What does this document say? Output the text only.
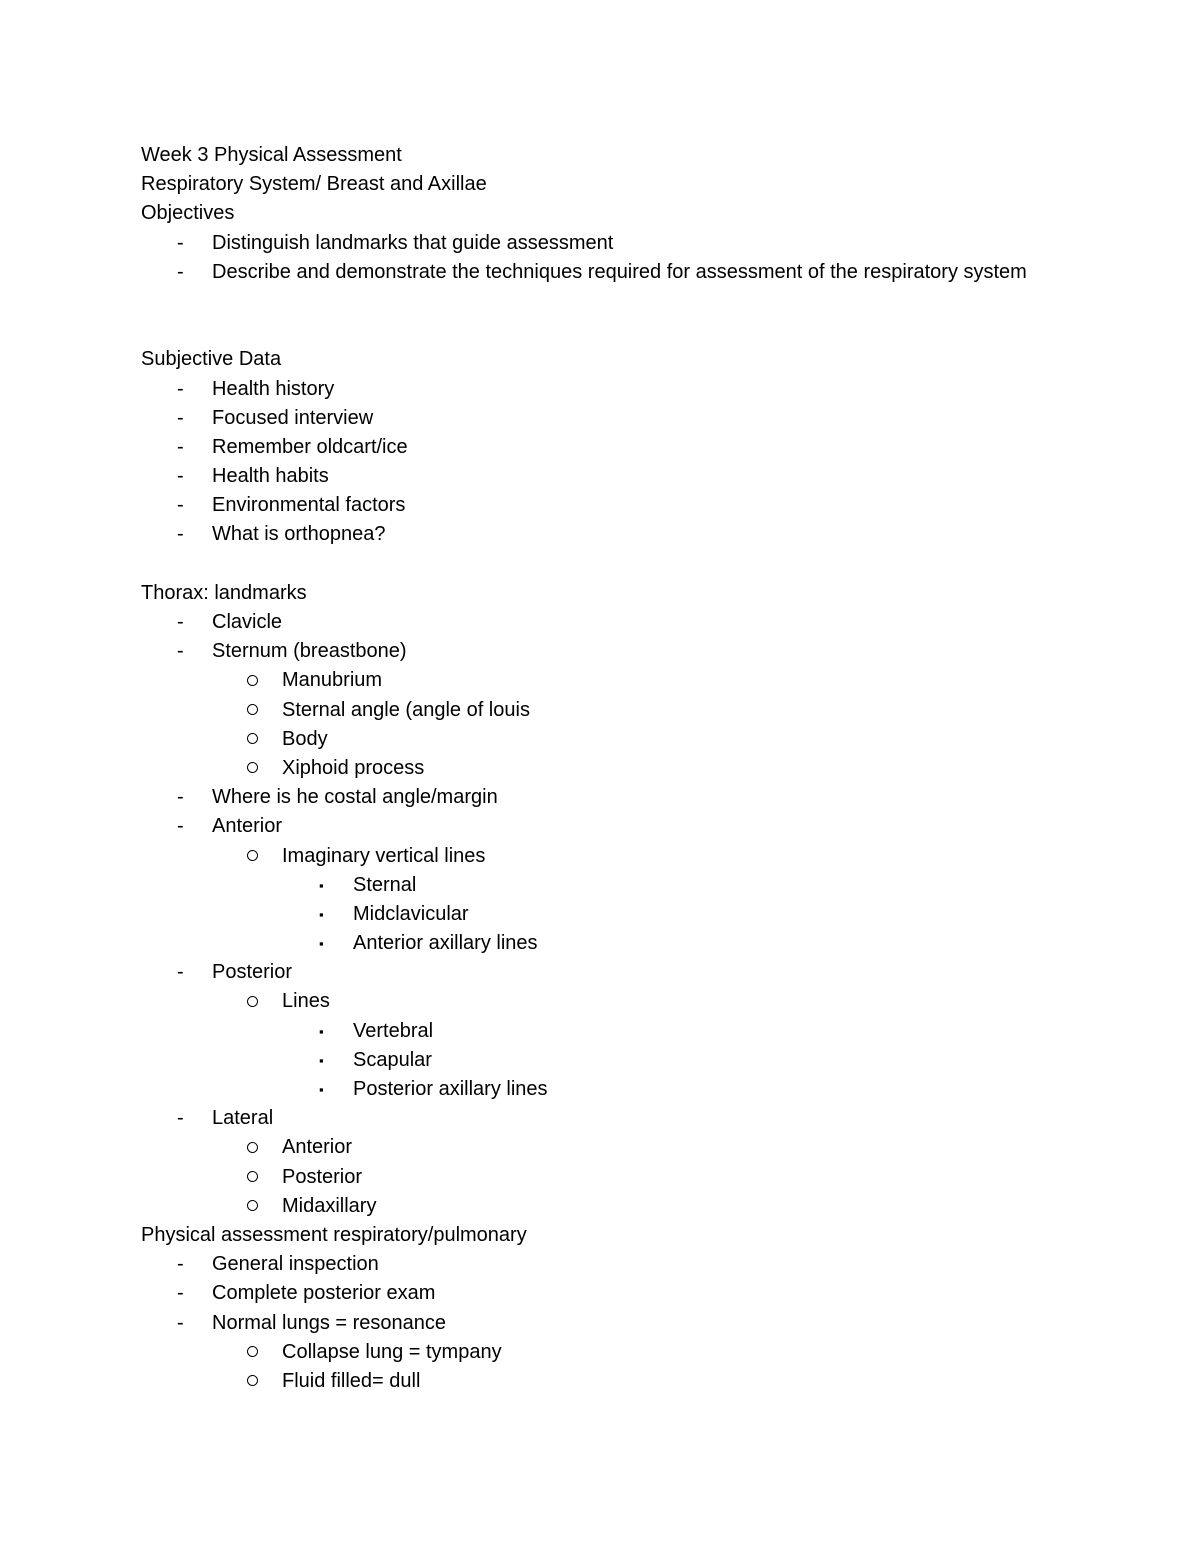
Week 3 Physical Assessment
Respiratory System/ Breast and Axillae
Objectives
- Distinguish landmarks that guide assessment
- Describe and demonstrate the techniques required for assessment of the respiratory system
Subjective Data
- Health history
- Focused interview
- Remember oldcart/ice
- Health habits
- Environmental factors
- What is orthopnea?
Thorax: landmarks
- Clavicle
- Sternum (breastbone)
Manubrium
Sternal angle (angle of louis
Body
Xiphoid process
- Where is he costal angle/margin
- Anterior
Imaginary vertical lines
▪ Sternal
▪ Midclavicular
▪ Anterior axillary lines
- Posterior
Lines
▪ Vertebral
▪ Scapular
▪ Posterior axillary lines
- Lateral
Anterior
Posterior
Midaxillary
Physical assessment respiratory/pulmonary
- General inspection
- Complete posterior exam
- Normal lungs = resonance
Collapse lung = tympany
Fluid filled= dull
